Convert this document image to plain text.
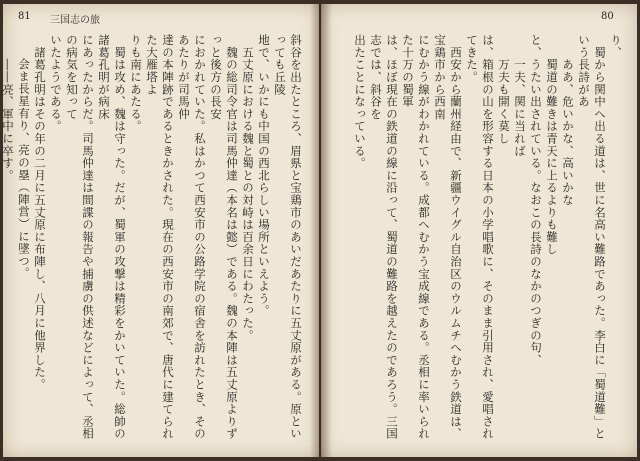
81 三国志の旅	80

斜谷を出たところ、眉県と宝鶏市のあいだあたりに五丈原がある。原といっても丘陵

地で、いかにも中国の西北らしい場所といえよう。

　五丈原における魏と蜀との対峙は百余日にわたった。

　魏の総司令官は司馬仲達（本名は懿）である。魏の本陣は五丈原よりずっと後方の長安

におかれていた。私はかつて西安市の公路学院の宿舎を訪れたとき、そのあたりが司馬仲

達の本陣跡であるときかされた。現在の西安市の南郊で、唐代に建てられた大雁塔よ

りも南にあたる。

　蜀は攻め、魏は守った。だが、蜀軍の攻撃は精彩をかいていた。総帥の諸葛孔明が病床

にあったからだ。司馬仲達は間諜の報告や捕虜の供述などによって、丞相の病気を知って

いたようである。

　諸葛孔明はその年の二月に五丈原に布陣し、八月に他界した。

会ま長星有り、亮の塁（陣営）に墜つ。

　　――亮、軍中に卒す。	り、

　蜀から関中へ出る道は、世に名高い難路であった。李白に「蜀道難」という長詩があ

　　ああ、危いかな、高いかな

　　蜀道の難きは青天に上るよりも難し

と、うたい出されている。なおこの長詩のなかのつぎの句、

　　一夫、関に当れば

　　万夫も開く莫し

は、箱根の山を形容する日本の小学唱歌に、そのまま引用され、愛唱されてきた。

　西安から蘭州経由で、新疆ウイグル自治区のウルムチへむかう鉄道は、宝鶏市から西南

にむかう線がわかれている。成都へむかう宝成線である。丞相に率いられた十万の蜀軍

は、ほぼ現在の鉄道の線に沿って、蜀道の難路を越えたのであろう。三国志では、斜谷を

出たことになっている。
